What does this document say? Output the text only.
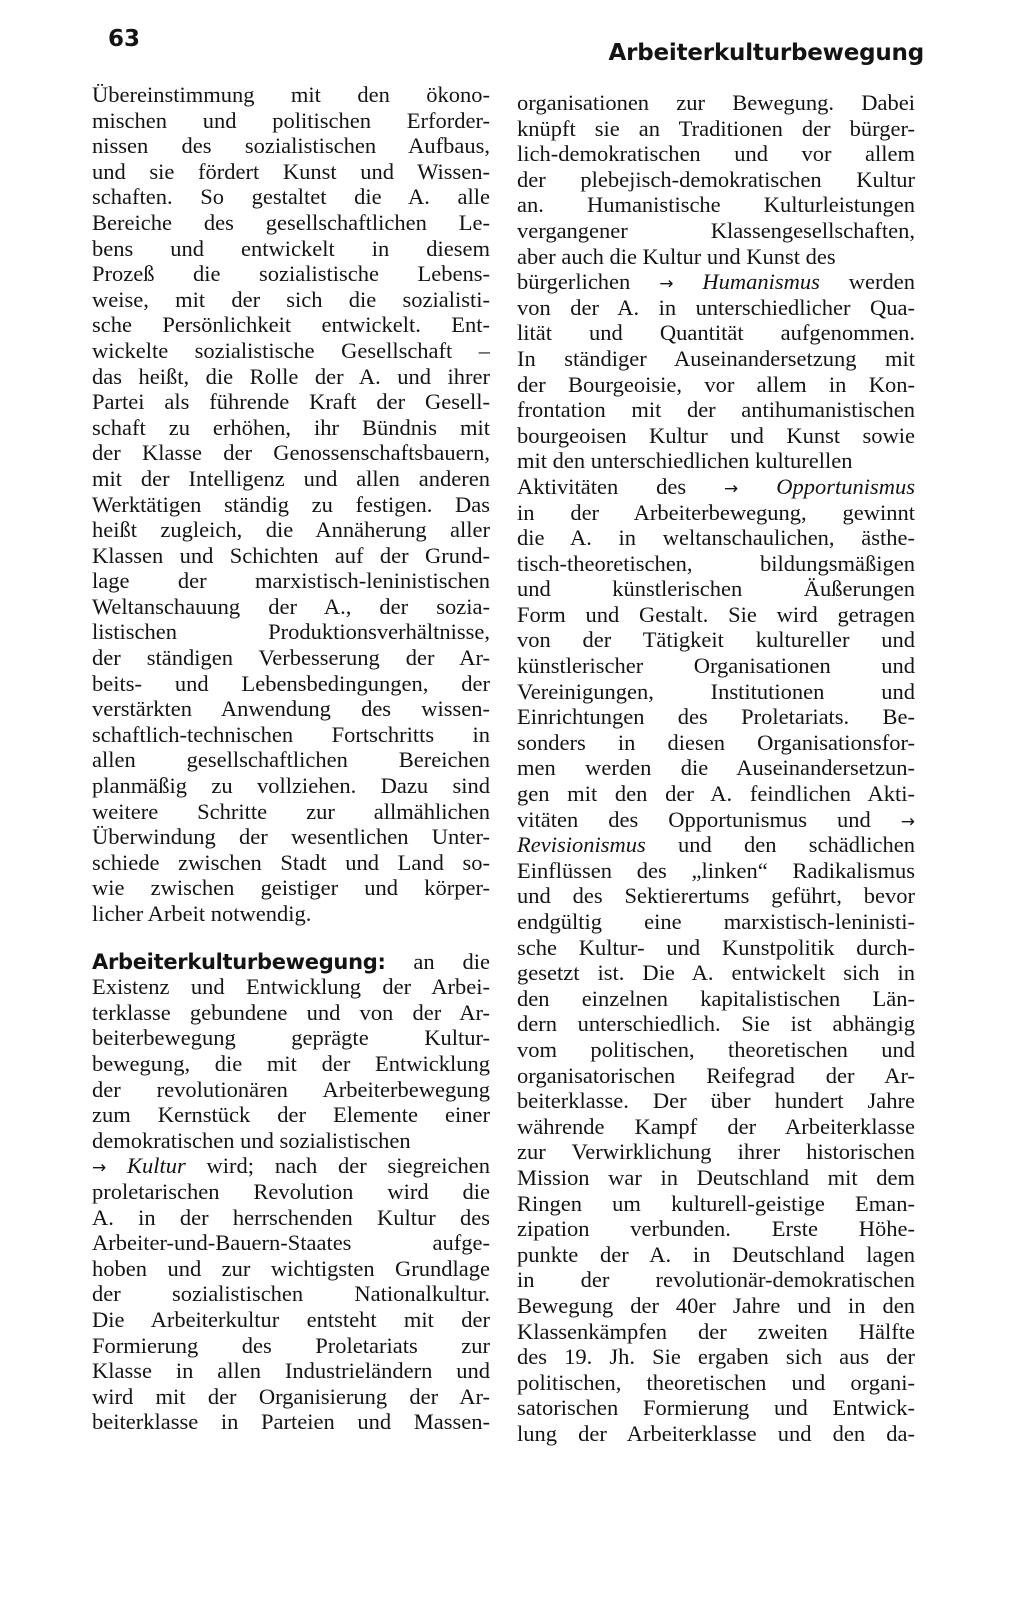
63
Arbeiterkulturbewegung
Übereinstimmung mit den ökono-
mischen und politischen Erforder-
nissen des sozialistischen Aufbaus,
und sie fördert Kunst und Wissen-
schaften. So gestaltet die A. alle
Bereiche des gesellschaftlichen Le-
bens und entwickelt in diesem
Prozeß die sozialistische Lebens-
weise, mit der sich die sozialisti-
sche Persönlichkeit entwickelt. Ent-
wickelte sozialistische Gesellschaft –
das heißt, die Rolle der A. und ihrer
Partei als führende Kraft der Gesell-
schaft zu erhöhen, ihr Bündnis mit
der Klasse der Genossenschaftsbauern,
mit der Intelligenz und allen anderen
Werktätigen ständig zu festigen. Das
heißt zugleich, die Annäherung aller
Klassen und Schichten auf der Grund-
lage der marxistisch-leninistischen
Weltanschauung der A., der sozia-
listischen Produktionsverhältnisse,
der ständigen Verbesserung der Ar-
beits- und Lebensbedingungen, der
verstärkten Anwendung des wissen-
schaftlich-technischen Fortschritts in
allen gesellschaftlichen Bereichen
planmäßig zu vollziehen. Dazu sind
weitere Schritte zur allmählichen
Überwindung der wesentlichen Unter-
schiede zwischen Stadt und Land so-
wie zwischen geistiger und körper-
licher Arbeit notwendig.
Arbeiterkulturbewegung: an die
Existenz und Entwicklung der Arbei-
terklasse gebundene und von der Ar-
beiterbewegung geprägte Kultur-
bewegung, die mit der Entwicklung
der revolutionären Arbeiterbewegung
zum Kernstück der Elemente einer
demokratischen und sozialistischen
→ Kultur wird; nach der siegreichen
proletarischen Revolution wird die
A. in der herrschenden Kultur des
Arbeiter-und-Bauern-Staates aufge-
hoben und zur wichtigsten Grundlage
der sozialistischen Nationalkultur.
Die Arbeiterkultur entsteht mit der
Formierung des Proletariats zur
Klasse in allen Industrieländern und
wird mit der Organisierung der Ar-
beiterklasse in Parteien und Massen-
organisationen zur Bewegung. Dabei
knüpft sie an Traditionen der bürger-
lich-demokratischen und vor allem
der plebejisch-demokratischen Kultur
an. Humanistische Kulturleistungen
vergangener Klassengesellschaften,
aber auch die Kultur und Kunst des
bürgerlichen → Humanismus werden
von der A. in unterschiedlicher Qua-
lität und Quantität aufgenommen.
In ständiger Auseinandersetzung mit
der Bourgeoisie, vor allem in Kon-
frontation mit der antihumanistischen
bourgeoisen Kultur und Kunst sowie
mit den unterschiedlichen kulturellen
Aktivitäten des → Opportunismus
in der Arbeiterbewegung, gewinnt
die A. in weltanschaulichen, ästhe-
tisch-theoretischen, bildungsmäßigen
und künstlerischen Äußerungen
Form und Gestalt. Sie wird getragen
von der Tätigkeit kultureller und
künstlerischer Organisationen und
Vereinigungen, Institutionen und
Einrichtungen des Proletariats. Be-
sonders in diesen Organisationsfor-
men werden die Auseinandersetzun-
gen mit den der A. feindlichen Akti-
vitäten des Opportunismus und →
Revisionismus und den schädlichen
Einflüssen des „linken“ Radikalismus
und des Sektierertums geführt, bevor
endgültig eine marxistisch-leninisti-
sche Kultur- und Kunstpolitik durch-
gesetzt ist. Die A. entwickelt sich in
den einzelnen kapitalistischen Län-
dern unterschiedlich. Sie ist abhängig
vom politischen, theoretischen und
organisatorischen Reifegrad der Ar-
beiterklasse. Der über hundert Jahre
währende Kampf der Arbeiterklasse
zur Verwirklichung ihrer historischen
Mission war in Deutschland mit dem
Ringen um kulturell-geistige Eman-
zipation verbunden. Erste Höhe-
punkte der A. in Deutschland lagen
in der revolutionär-demokratischen
Bewegung der 40er Jahre und in den
Klassenkämpfen der zweiten Hälfte
des 19. Jh. Sie ergaben sich aus der
politischen, theoretischen und organi-
satorischen Formierung und Entwick-
lung der Arbeiterklasse und den da-
